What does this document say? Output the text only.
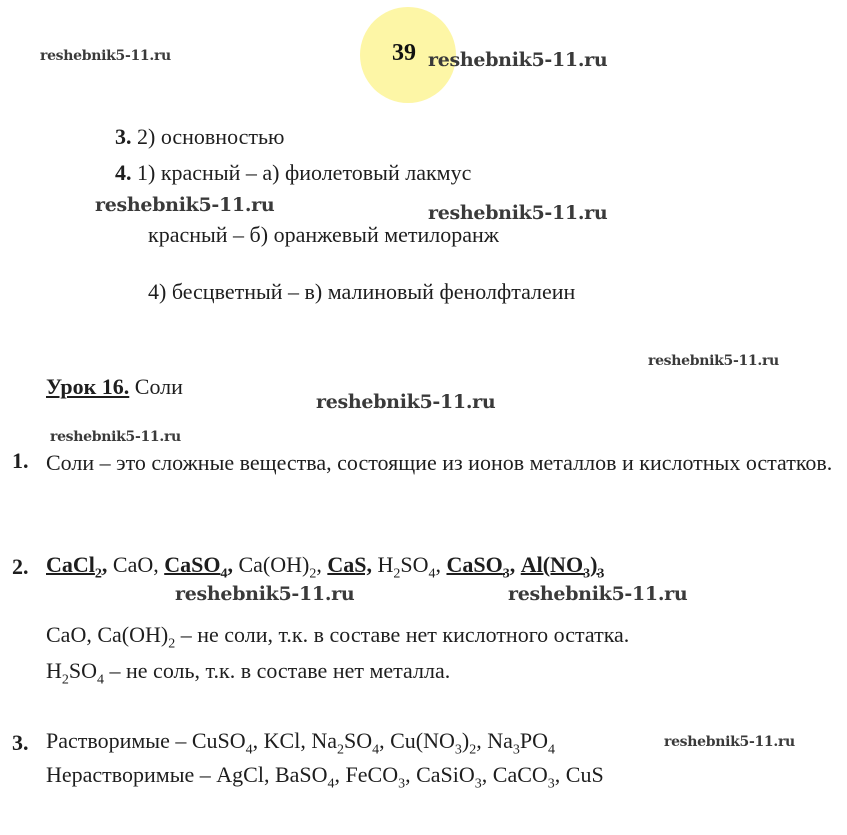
39
reshebnik5-11.ru	reshebnik5-11.ru
reshebnik5-11.ru	reshebnik5-11.ru
reshebnik5-11.ru
reshebnik5-11.ru
reshebnik5-11.ru
reshebnik5-11.ru	reshebnik5-11.ru
reshebnik5-11.ru
3. 2) основностью
4. 1) красный – а) фиолетовый лакмус
красный – б) оранжевый метилоранж
4) бесцветный – в) малиновый фенолфталеин
Урок 16. Соли
1. Соли – это сложные вещества, состоящие из ионов металлов и кислотных остатков.
2. CaCl$_2$, CaO, CaSO$_4$, $Ca(OH)_2$, CaS, $H_2SO_4$, CaSO$_3$, $Al(NO_3)_3$
CaO, $Ca(OH)_2$ – не соли, т.к. в составе нет кислотного остатка.
$H_2SO_4$ – не соль, т.к. в составе нет металла.
3. Растворимые – CuSO$_4$, KCl, $Na_2SO_4$, $Cu(NO_3)_2$, $Na_3PO_4$
Нерастворимые – AgCl, BaSO$_4$, FeCO$_3$, CaSiO$_3$, CaCO$_3$, CuS
